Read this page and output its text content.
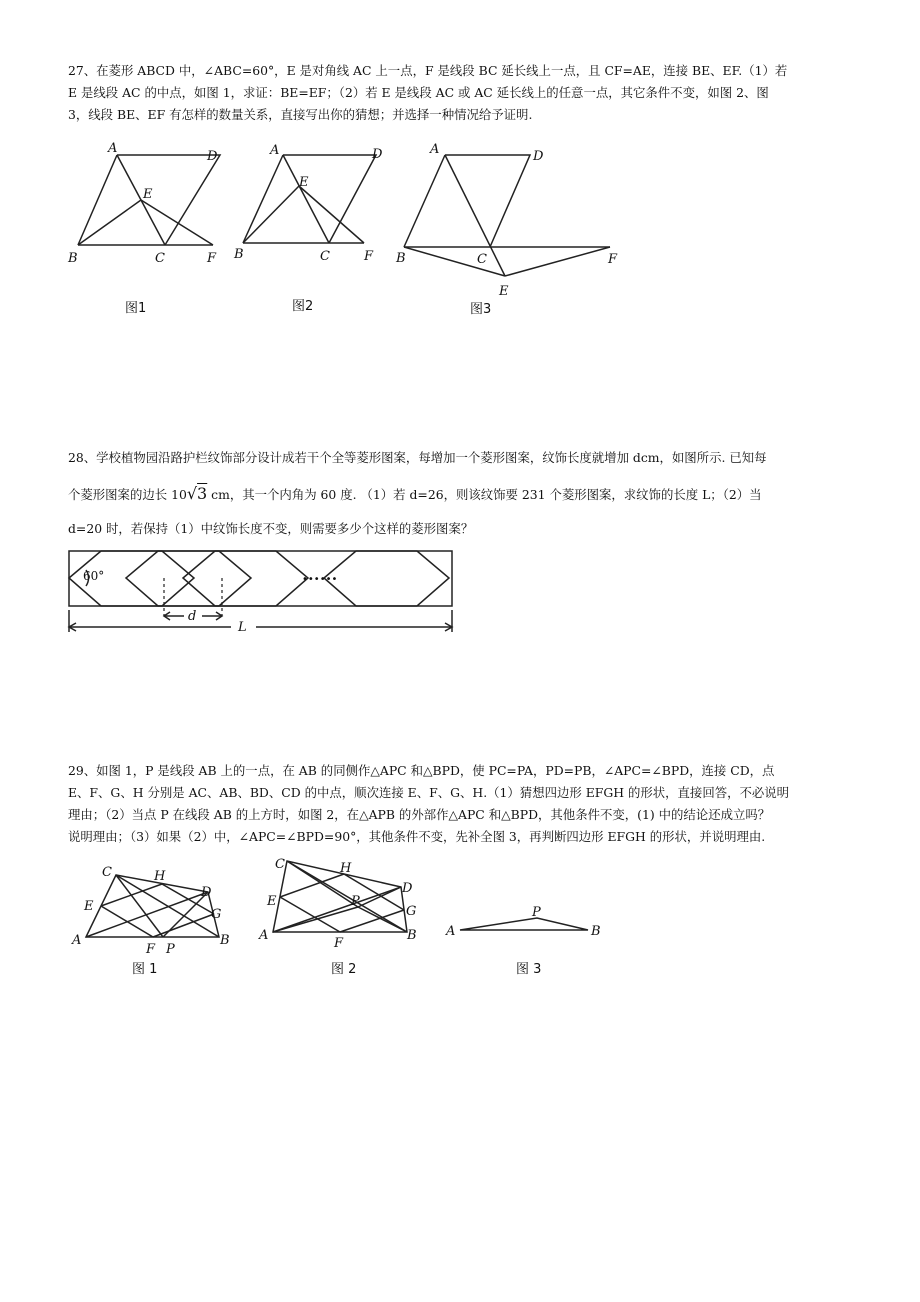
27、在菱形 ABCD 中，∠ABC=60°，E 是对角线 AC 上一点，F 是线段 BC 延长线上一点，且 CF=AE，连接 BE、EF.（1）若
E 是线段 AC 的中点，如图 1，求证：BE=EF；（2）若 E 是线段 AC 或 AC 延长线上的任意一点，其它条件不变，如图 2、图
3，线段 BE、EF 有怎样的数量关系，直接写出你的猜想；并选择一种情况给予证明.
A
D
E
B	C	F
图1
A	D
E
B	C	F
图2
A	D
B	C	F
E
图3
28、学校植物园沿路护栏纹饰部分设计成若干个全等菱形图案，每增加一个菱形图案，纹饰长度就增加 dcm，如图所示. 已知每
个菱形图案的边长 10√3 cm，其一个内角为 60 度. （1）若 d=26，则该纹饰要 231 个菱形图案，求纹饰的长度 L；（2）当
d=20 时，若保持（1）中纹饰长度不变，则需要多少个这样的菱形图案？
60°	••••••
d
L
29、如图 1，P 是线段 AB 上的一点，在 AB 的同侧作△APC 和△BPD，使 PC=PA，PD=PB，∠APC=∠BPD，连接 CD，点
E、F、G、H 分别是 AC、AB、BD、CD 的中点，顺次连接 E、F、G、H.（1）猜想四边形 EFGH 的形状，直接回答，不必说明
理由；（2）当点 P 在线段 AB 的上方时，如图 2，在△APB 的外部作△APC 和△BPD，其他条件不变，(1) 中的结论还成立吗？
说明理由；（3）如果（2）中，∠APC=∠BPD=90°，其他条件不变，先补全图 3，再判断四边形 EFGH 的形状，并说明理由.
C	H
D
E
G
A
F P
B
图 1
C	H
D
E	P
G
A
F
B
图 2
A
P
B
图 3
